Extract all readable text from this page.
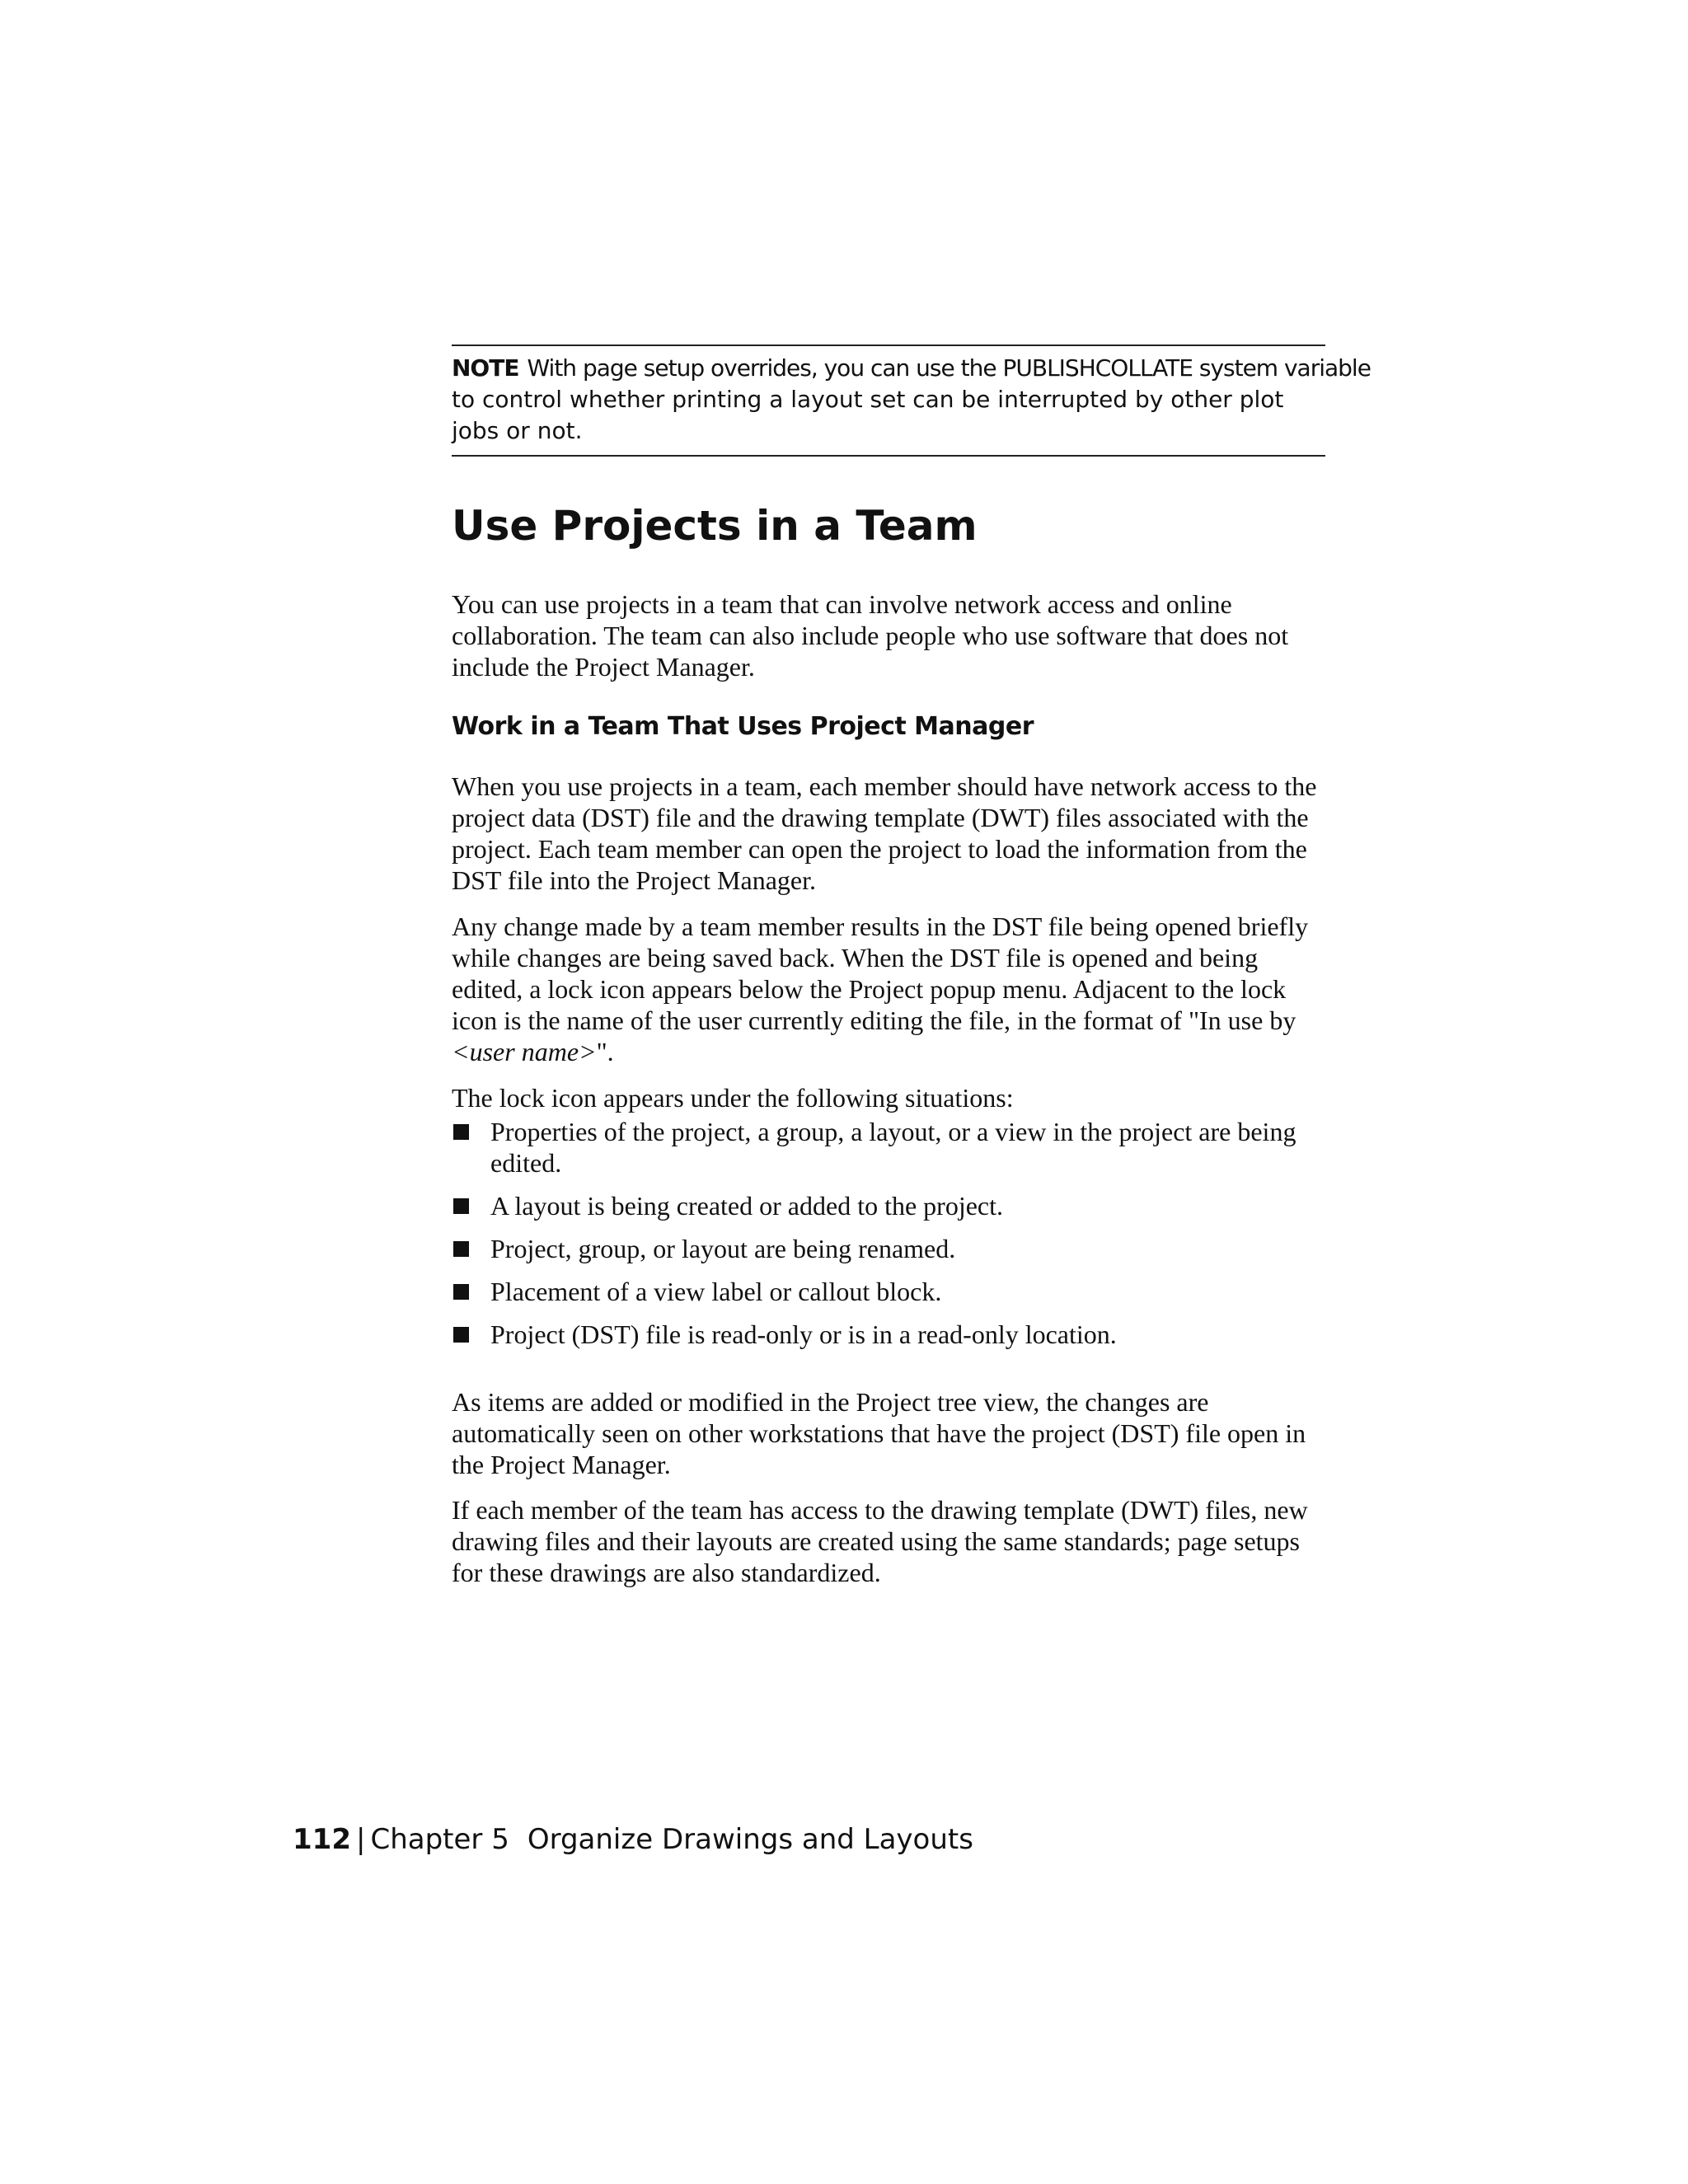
NOTE With page setup overrides, you can use the PUBLISHCOLLATE system variable
to control whether printing a layout set can be interrupted by other plot jobs or not.
Use Projects in a Team

You can use projects in a team that can involve network access and online collaboration. The team can also include people who use software that does not include the Project Manager.

Work in a Team That Uses Project Manager

When you use projects in a team, each member should have network access to the project data (DST) file and the drawing template (DWT) files associated with the project. Each team member can open the project to load the information from the DST file into the Project Manager.

Any change made by a team member results in the DST file being opened briefly while changes are being saved back. When the DST file is opened and being edited, a lock icon appears below the Project popup menu. Adjacent to the lock icon is the name of the user currently editing the file, in the format of "In use by <user name>".

The lock icon appears under the following situations:

Properties of the project, a group, a layout, or a view in the project are being edited.
A layout is being created or added to the project.
Project, group, or layout are being renamed.
Placement of a view label or callout block.
Project (DST) file is read-only or is in a read-only location.

As items are added or modified in the Project tree view, the changes are automatically seen on other workstations that have the project (DST) file open in the Project Manager.

If each member of the team has access to the drawing template (DWT) files, new drawing files and their layouts are created using the same standards; page setups for these drawings are also standardized.

112 | Chapter 5 Organize Drawings and Layouts
